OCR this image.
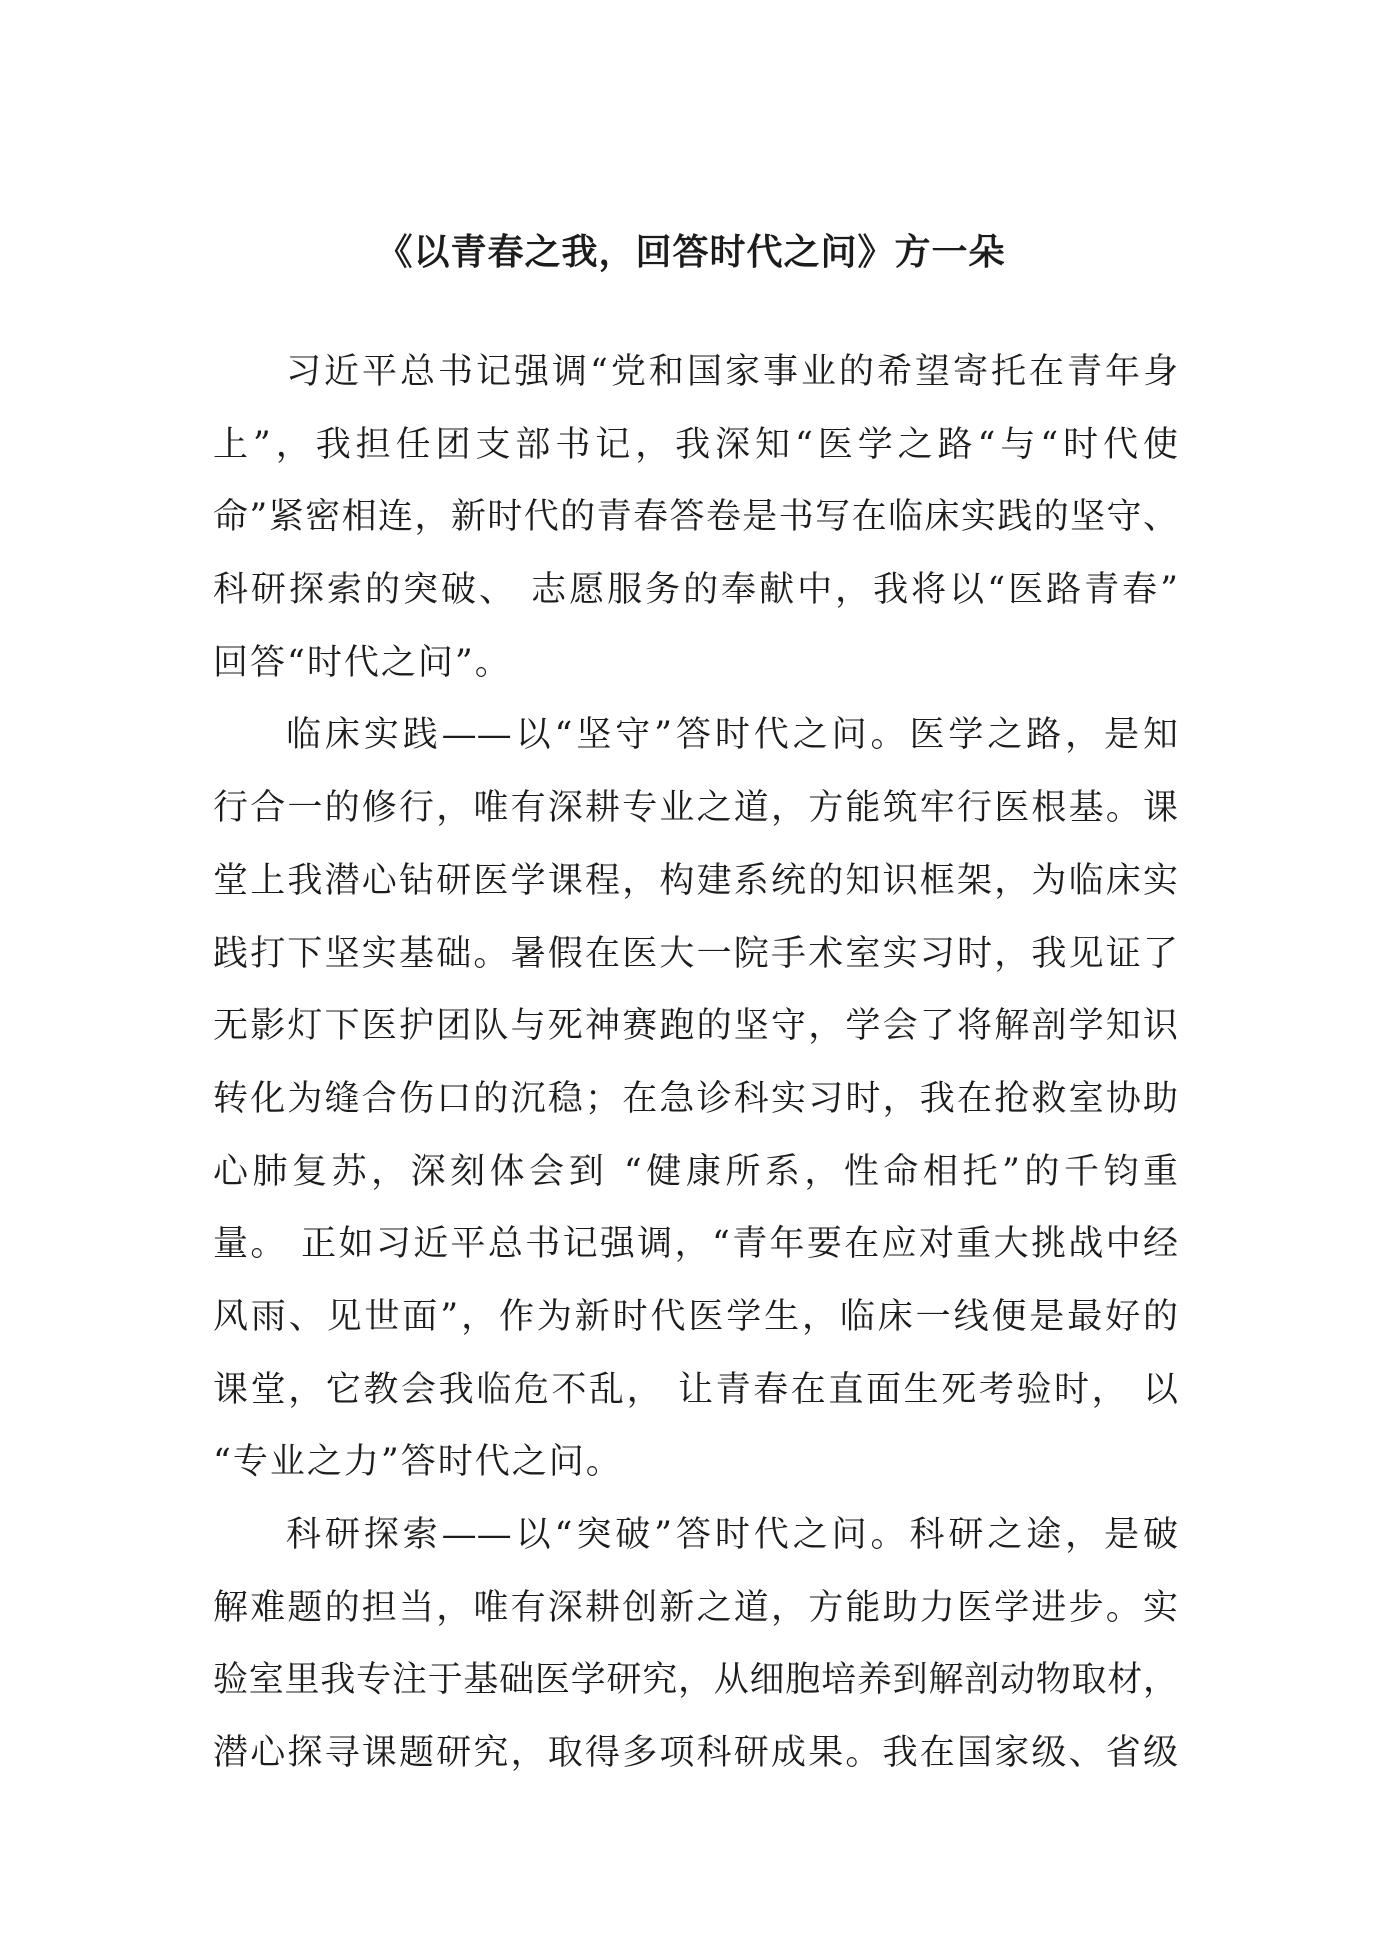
《以青春之我，回答时代之问》方一朵
习近平总书记强调“党和国家事业的希望寄托在青年身
上”，我担任团支部书记，我深知“医学之路“与“时代使
命”紧密相连，新时代的青春答卷是书写在临床实践的坚守、
科研探索的突破、 志愿服务的奉献中，我将以“医路青春”
回答“时代之问”。
临床实践——以“坚守”答时代之问。医学之路，是知
行合一的修行，唯有深耕专业之道，方能筑牢行医根基。课
堂上我潜心钻研医学课程，构建系统的知识框架，为临床实
践打下坚实基础。暑假在医大一院手术室实习时，我见证了
无影灯下医护团队与死神赛跑的坚守，学会了将解剖学知识
转化为缝合伤口的沉稳；在急诊科实习时，我在抢救室协助
心肺复苏，深刻体会到 “健康所系，性命相托”的千钧重
量。 正如习近平总书记强调，“青年要在应对重大挑战中经
风雨、见世面”，作为新时代医学生，临床一线便是最好的
课堂，它教会我临危不乱， 让青春在直面生死考验时， 以
“专业之力”答时代之问。
科研探索——以“突破”答时代之问。科研之途，是破
解难题的担当，唯有深耕创新之道，方能助力医学进步。实
验室里我专注于基础医学研究，从细胞培养到解剖动物取材，
潜心探寻课题研究，取得多项科研成果。我在国家级、省级
